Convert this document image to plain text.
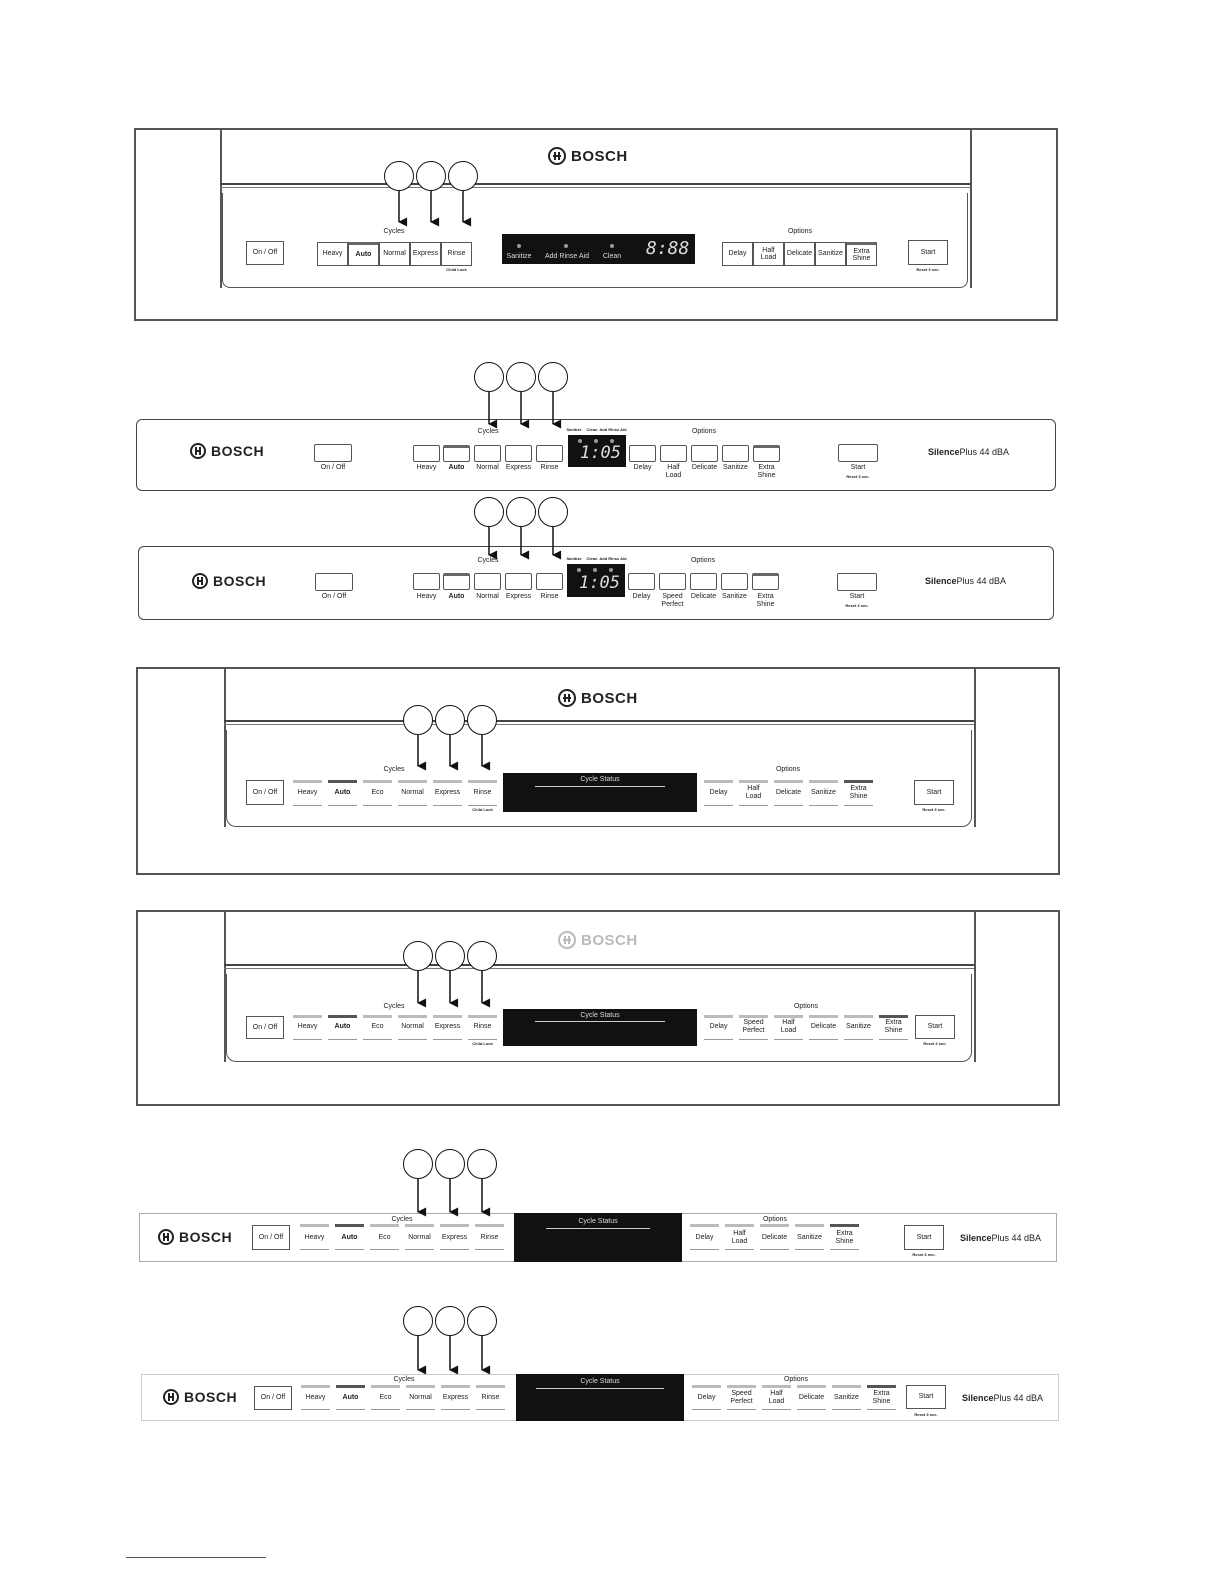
BOSCH
Cycles
On / Off	Heavy	Auto	Normal	Express	Rinse
Child Lock
Sanitize	Add Rinse Aid	Clean 8:88
Options
Delay
Half
Load
Delicate Sanitize	Extra
Shine
Start
Reset 3 sec.
BOSCH
On / Off
Cycles
Heavy	Auto	Normal	Express	Rinse
Sanitize	Clean Add Rinse Aid
1:05
Options
Delay	Half
Load
Delicate Sanitize	Extra
Shine
Start
Reset 3 sec.
SilencePlus 44 dBA
BOSCH
On / Off
Cycles
Heavy	Auto	Normal	Express	Rinse
Sanitize	Clean Add Rinse Aid
1:05
Options
Delay	Speed
Perfect
Delicate Sanitize	Extra
Shine
Start
Reset 3 sec.
SilencePlus 44 dBA
BOSCH
Cycles
On / Off	Heavy	Auto	Eco	Normal	Express	Rinse
Child Lock
Cycle Status
Options
Delay
Half
Load
Delicate	Sanitize
Extra
Shine
Start
Reset 3 sec.
BOSCH
Cycles
On / Off	Heavy	Auto	Eco	Normal	Express	Rinse
Child Lock
Cycle Status
Options
Delay
Speed
Perfect
Half
Load
Delicate	Sanitize
Extra
Shine	Start
Reset 3 sec.
BOSCH	On / Off
Cycles
Heavy	Auto	Eco	Normal	Express	Rinse
Cycle Status	Options
Delay
Half
Load
Delicate	Sanitize
Extra
Shine
Start
Reset 3 sec.
SilencePlus 44 dBA
BOSCH	On / Off
Cycles
Heavy	Auto	Eco	Normal	Express	Rinse
Cycle Status	Options
Delay
Speed
Perfect
Half
Load
Delicate	Sanitize
Extra
Shine
Start
Reset 3 sec.
SilencePlus 44 dBA
